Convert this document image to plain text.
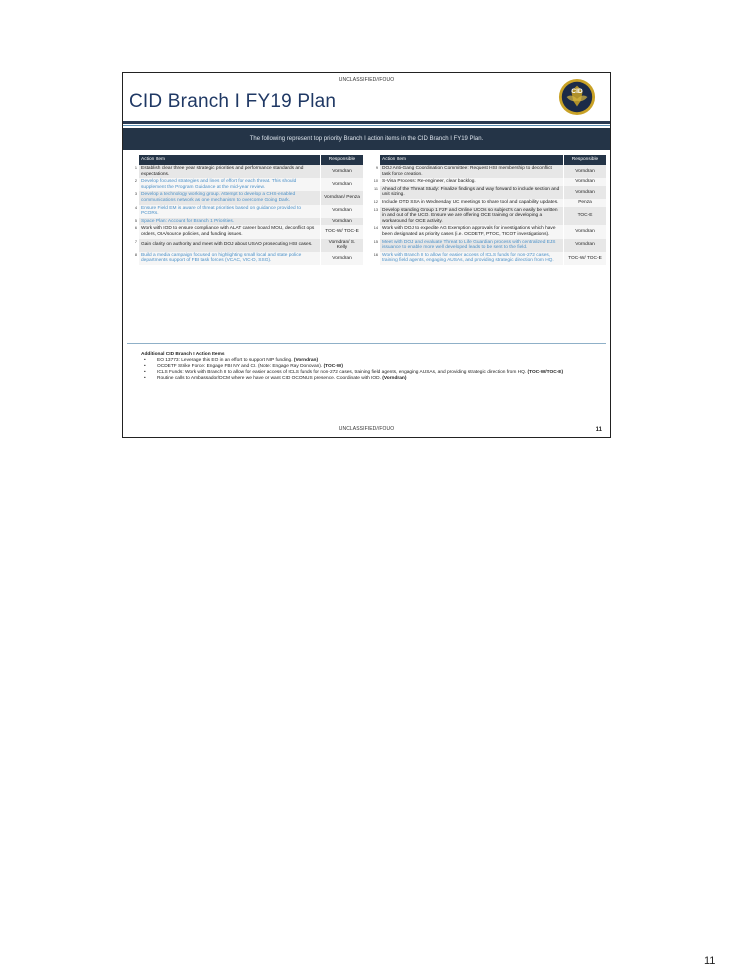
UNCLASSIFIED//FOUO
CID Branch I FY19 Plan	CID
The following represent top priority Branch I action items in the CID Branch I FY19 Plan.
	Action Item	Responsible
1	Establish clear three year strategic priorities and performance standards and expectations.	Vorndran
2	Develop focused strategies and lines of effort for each threat. This should supplement the Program Guidance at the mid-year review.	Vorndran
3	Develop a technology working group. Attempt to develop a CHS-enabled communications network as one mechanism to overcome Going Dark.	Vorndran/ Penza
4	Ensure Field EM is aware of threat priorities based on guidance provided to PCORs.	Vorndran
5	Space Plan: Account for Branch 1 Priorities.	Vorndran
6	Work with IOD to ensure compliance with ALAT career board MOU, deconflict ops orders, OIA/source policies, and funding issues.	TOC-W/ TOC-E
7	Gain clarity on authority and meet with DOJ about USAO prosecuting HSI cases.	Vorndran/ S. Kelly
8	Build a media campaign focused on highlighting small local and state police departments support of FBI task forces (VCAC, VIC-D, SSG).	Vorndran
	Action Item	Responsible
9	DOJ Anti-Gang Coordination Committee: Request HSI membership to deconflict task force creation.	Vorndran
10	S-Visa Process: Re-engineer, clear backlog.	Vorndran
11	Ahead of the Threat Study: Finalize findings and way forward to include section and unit sizing.	Vorndran
12	Include OTD SSA in Wednesday UC meetings to share tool and capability updates.	Penza
13	Develop standing Group 1 F2F and Online UCOs so subject's can easily be written in and out of the UCO. Ensure we are offering OCE training or developing a workaround for OCE activity.	TOC-E
14	Work with DOJ to expedite AG Exemption approvals for investigations which have been designated as priority cases (i.e. OCDETF, PTOC, TICOT investigations).	Vorndran
15	Meet with DOJ and evaluate Threat to Life Guardian process with centralized EJS issuance to enable more well developed leads to be sent to the field.	Vorndran
16	Work with Branch II to allow for easier access of ICLS funds for non-272 cases, training field agents, engaging AUSAs, and providing strategic direction from HQ.	TOC-W/ TOC-E
Additional CID Branch I Action Items
• EO 13773: Leverage this EO in an effort to support NIP funding. (Vorndran)
• OCDETF Strike Force: Engage FBI NY and CI. (Note: Engage Ray Donovan). (TOC-W)
• ICLS Funds: Work with Branch II to allow for easier access of ICLS funds for non-272 cases, training field agents, engaging AUSAs, and providing strategic direction from HQ. (TOC-W/TOC-E)
• Routine calls to Ambassador/DCM where we have or want CID OCONUS presence. Coordinate with IOD. (Vorndran)
UNCLASSIFIED//FOUO	11
11
